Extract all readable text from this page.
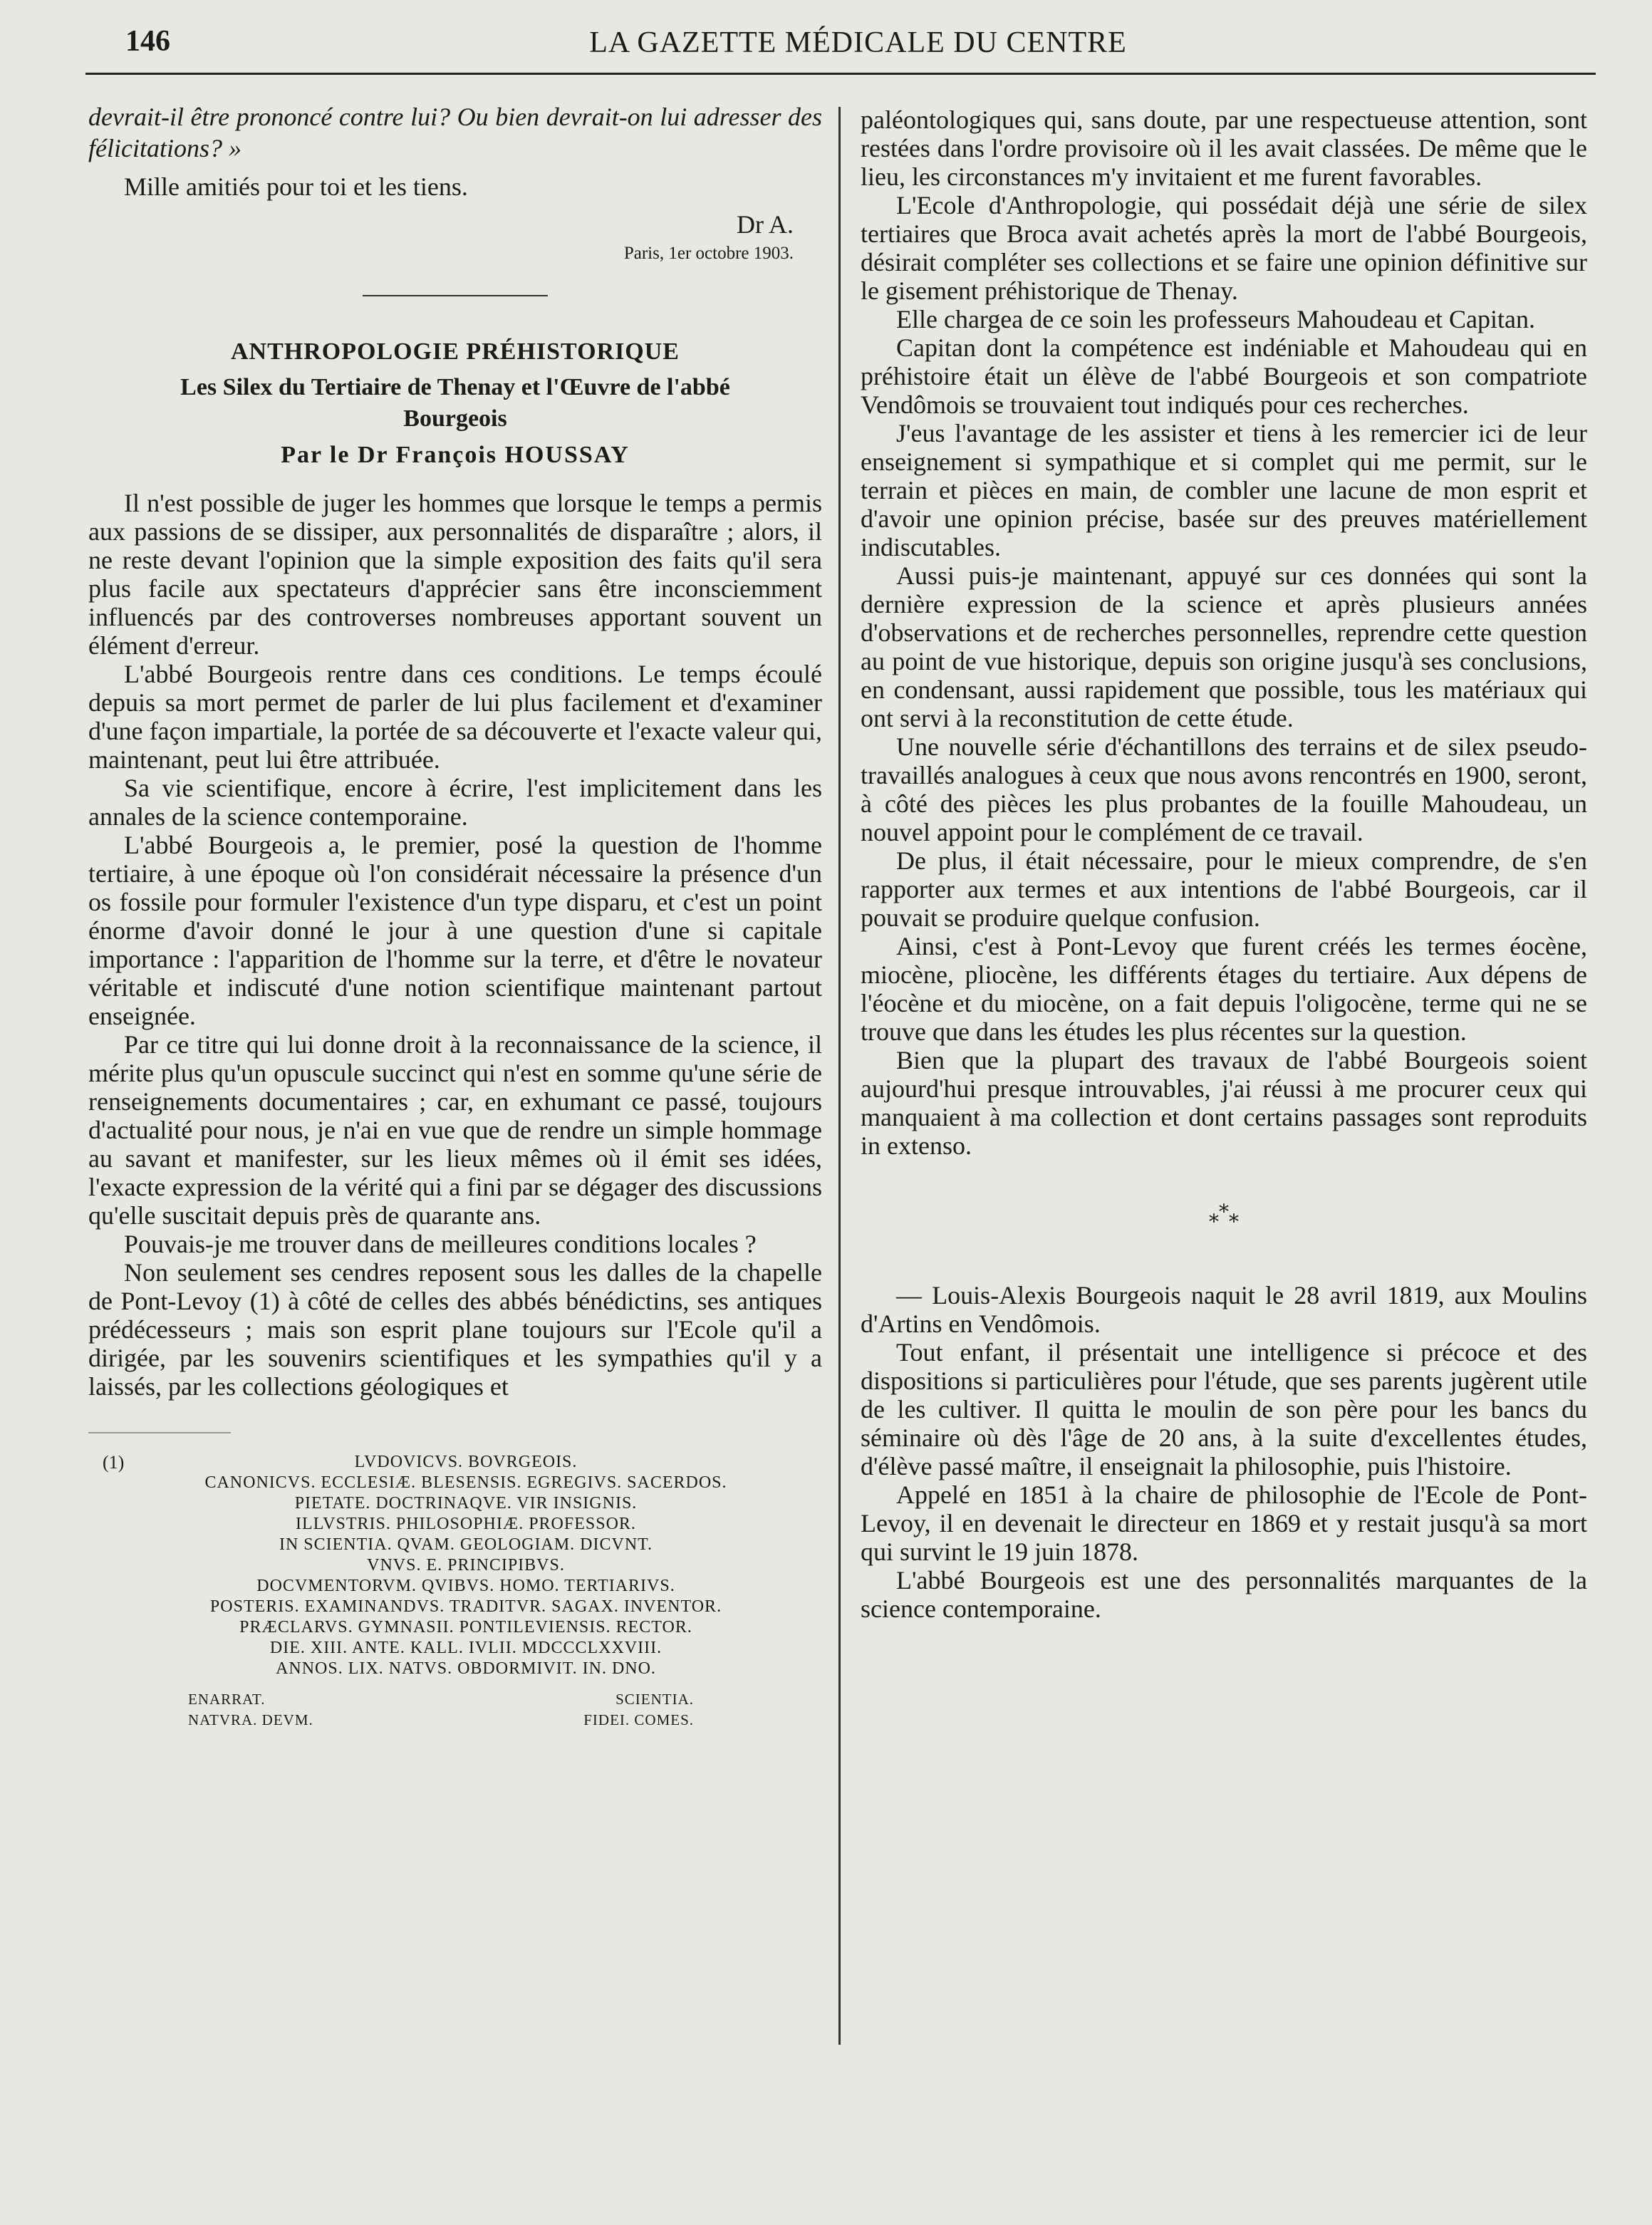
146	LA GAZETTE MÉDICALE DU CENTRE

devrait-il être prononcé contre lui? Ou bien devrait-on lui adresser des félicitations? »

Mille amitiés pour toi et les tiens.

Dr A.
Paris, 1er octobre 1903.
ANTHROPOLOGIE PRÉHISTORIQUE
Les Silex du Tertiaire de Thenay et l'Œuvre de l'abbé Bourgeois
Par le Dr François HOUSSAY

Il n'est possible de juger les hommes que lorsque le temps a permis aux passions de se dissiper, aux personnalités de disparaître ; alors, il ne reste devant l'opinion que la simple exposition des faits qu'il sera plus facile aux spectateurs d'apprécier sans être inconsciemment influencés par des controverses nombreuses apportant souvent un élément d'erreur.

L'abbé Bourgeois rentre dans ces conditions. Le temps écoulé depuis sa mort permet de parler de lui plus facilement et d'examiner d'une façon impartiale, la portée de sa découverte et l'exacte valeur qui, maintenant, peut lui être attribuée.

Sa vie scientifique, encore à écrire, l'est implicitement dans les annales de la science contemporaine.

L'abbé Bourgeois a, le premier, posé la question de l'homme tertiaire, à une époque où l'on considérait nécessaire la présence d'un os fossile pour formuler l'existence d'un type disparu, et c'est un point énorme d'avoir donné le jour à une question d'une si capitale importance : l'apparition de l'homme sur la terre, et d'être le novateur véritable et indiscuté d'une notion scientifique maintenant partout enseignée.

Par ce titre qui lui donne droit à la reconnaissance de la science, il mérite plus qu'un opuscule succinct qui n'est en somme qu'une série de renseignements documentaires ; car, en exhumant ce passé, toujours d'actualité pour nous, je n'ai en vue que de rendre un simple hommage au savant et manifester, sur les lieux mêmes où il émit ses idées, l'exacte expression de la vérité qui a fini par se dégager des discussions qu'elle suscitait depuis près de quarante ans.

Pouvais-je me trouver dans de meilleures conditions locales ?

Non seulement ses cendres reposent sous les dalles de la chapelle de Pont-Levoy (1) à côté de celles des abbés bénédictins, ses antiques prédécesseurs ; mais son esprit plane toujours sur l'Ecole qu'il a dirigée, par les souvenirs scientifiques et les sympathies qu'il y a laissés, par les collections géologiques et

(1)	LVDOVICVS. BOVRGEOIS.
CANONICVS. ECCLESIÆ. BLESENSIS. EGREGIVS. SACERDOS.
PIETATE. DOCTRINAQVE. VIR INSIGNIS.
ILLVSTRIS. PHILOSOPHIÆ. PROFESSOR.
IN SCIENTIA. QVAM. GEOLOGIAM. DICVNT.
VNVS. E. PRINCIPIBVS.
DOCVMENTORVM. QVIBVS. HOMO. TERTIARIVS.
POSTERIS. EXAMINANDVS. TRADITVR. SAGAX. INVENTOR.
PRÆCLARVS. GYMNASII. PONTILEVIENSIS. RECTOR.
DIE. XIII. ANTE. KALL. IVLII. MDCCCLXXVIII.
ANNOS. LIX. NATVS. OBDORMIVIT. IN. DNO.
ENARRAT.	SCIENTIA.
NATVRA. DEVM.	FIDEI. COMES.

paléontologiques qui, sans doute, par une respectueuse attention, sont restées dans l'ordre provisoire où il les avait classées. De même que le lieu, les circonstances m'y invitaient et me furent favorables.

L'Ecole d'Anthropologie, qui possédait déjà une série de silex tertiaires que Broca avait achetés après la mort de l'abbé Bourgeois, désirait compléter ses collections et se faire une opinion définitive sur le gisement préhistorique de Thenay.

Elle chargea de ce soin les professeurs Mahoudeau et Capitan.

Capitan dont la compétence est indéniable et Mahoudeau qui en préhistoire était un élève de l'abbé Bourgeois et son compatriote Vendômois se trouvaient tout indiqués pour ces recherches.

J'eus l'avantage de les assister et tiens à les remercier ici de leur enseignement si sympathique et si complet qui me permit, sur le terrain et pièces en main, de combler une lacune de mon esprit et d'avoir une opinion précise, basée sur des preuves matériellement indiscutables.

Aussi puis-je maintenant, appuyé sur ces données qui sont la dernière expression de la science et après plusieurs années d'observations et de recherches personnelles, reprendre cette question au point de vue historique, depuis son origine jusqu'à ses conclusions, en condensant, aussi rapidement que possible, tous les matériaux qui ont servi à la reconstitution de cette étude.

Une nouvelle série d'échantillons des terrains et de silex pseudo-travaillés analogues à ceux que nous avons rencontrés en 1900, seront, à côté des pièces les plus probantes de la fouille Mahoudeau, un nouvel appoint pour le complément de ce travail.

De plus, il était nécessaire, pour le mieux comprendre, de s'en rapporter aux termes et aux intentions de l'abbé Bourgeois, car il pouvait se produire quelque confusion.

Ainsi, c'est à Pont-Levoy que furent créés les termes éocène, miocène, pliocène, les différents étages du tertiaire. Aux dépens de l'éocène et du miocène, on a fait depuis l'oligocène, terme qui ne se trouve que dans les études les plus récentes sur la question.

Bien que la plupart des travaux de l'abbé Bourgeois soient aujourd'hui presque introuvables, j'ai réussi à me procurer ceux qui manquaient à ma collection et dont certains passages sont reproduits in extenso.

⁎
⁎ ⁎

— Louis-Alexis Bourgeois naquit le 28 avril 1819, aux Moulins d'Artins en Vendômois.

Tout enfant, il présentait une intelligence si précoce et des dispositions si particulières pour l'étude, que ses parents jugèrent utile de les cultiver. Il quitta le moulin de son père pour les bancs du séminaire où dès l'âge de 20 ans, à la suite d'excellentes études, d'élève passé maître, il enseignait la philosophie, puis l'histoire.

Appelé en 1851 à la chaire de philosophie de l'Ecole de Pont-Levoy, il en devenait le directeur en 1869 et y restait jusqu'à sa mort qui survint le 19 juin 1878.

L'abbé Bourgeois est une des personnalités marquantes de la science contemporaine.
